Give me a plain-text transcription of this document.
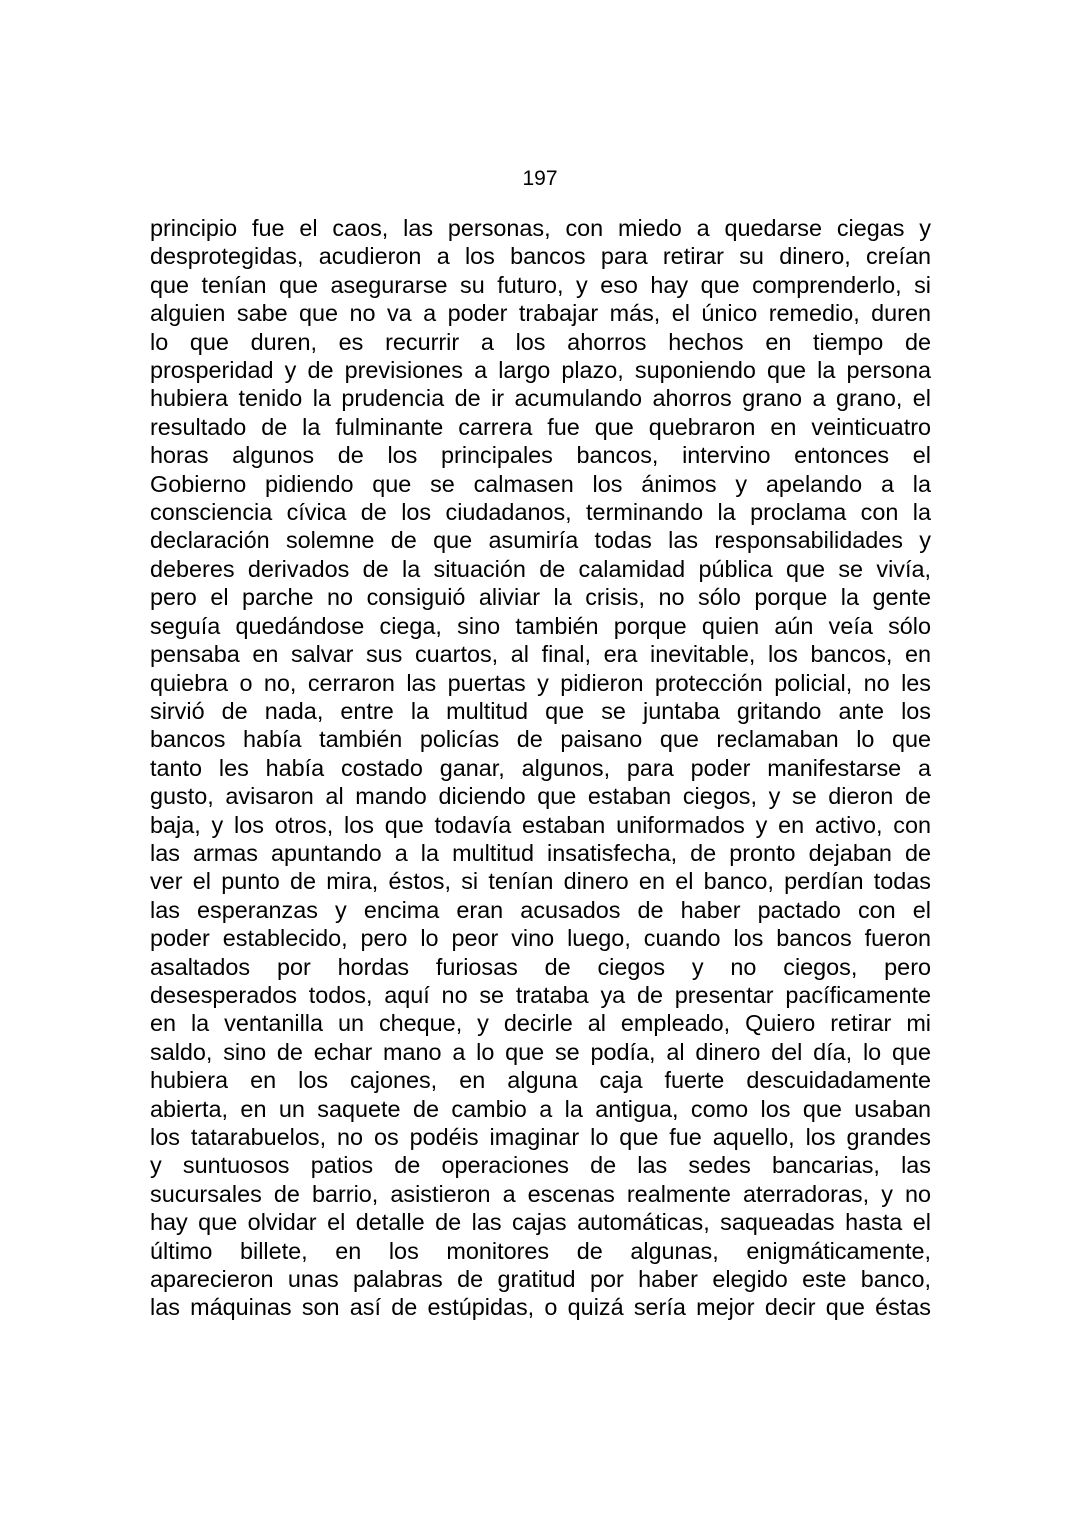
197
principio fue el caos, las personas, con miedo a quedarse ciegas y
desprotegidas, acudieron a los bancos para retirar su dinero, creían
que tenían que asegurarse su futuro, y eso hay que comprenderlo, si
alguien sabe que no va a poder trabajar más, el único remedio, duren
lo que duren, es recurrir a los ahorros hechos en tiempo de
prosperidad y de previsiones a largo plazo, suponiendo que la persona
hubiera tenido la prudencia de ir acumulando ahorros grano a grano, el
resultado de la fulminante carrera fue que quebraron en veinticuatro
horas algunos de los principales bancos, intervino entonces el
Gobierno pidiendo que se calmasen los ánimos y apelando a la
consciencia cívica de los ciudadanos, terminando la proclama con la
declaración solemne de que asumiría todas las responsabilidades y
deberes derivados de la situación de calamidad pública que se vivía,
pero el parche no consiguió aliviar la crisis, no sólo porque la gente
seguía quedándose ciega, sino también porque quien aún veía sólo
pensaba en salvar sus cuartos, al final, era inevitable, los bancos, en
quiebra o no, cerraron las puertas y pidieron protección policial, no les
sirvió de nada, entre la multitud que se juntaba gritando ante los
bancos había también policías de paisano que reclamaban lo que
tanto les había costado ganar, algunos, para poder manifestarse a
gusto, avisaron al mando diciendo que estaban ciegos, y se dieron de
baja, y los otros, los que todavía estaban uniformados y en activo, con
las armas apuntando a la multitud insatisfecha, de pronto dejaban de
ver el punto de mira, éstos, si tenían dinero en el banco, perdían todas
las esperanzas y encima eran acusados de haber pactado con el
poder establecido, pero lo peor vino luego, cuando los bancos fueron
asaltados por hordas furiosas de ciegos y no ciegos, pero
desesperados todos, aquí no se trataba ya de presentar pacíficamente
en la ventanilla un cheque, y decirle al empleado, Quiero retirar mi
saldo, sino de echar mano a lo que se podía, al dinero del día, lo que
hubiera en los cajones, en alguna caja fuerte descuidadamente
abierta, en un saquete de cambio a la antigua, como los que usaban
los tatarabuelos, no os podéis imaginar lo que fue aquello, los grandes
y suntuosos patios de operaciones de las sedes bancarias, las
sucursales de barrio, asistieron a escenas realmente aterradoras, y no
hay que olvidar el detalle de las cajas automáticas, saqueadas hasta el
último billete, en los monitores de algunas, enigmáticamente,
aparecieron unas palabras de gratitud por haber elegido este banco,
las máquinas son así de estúpidas, o quizá sería mejor decir que éstas
